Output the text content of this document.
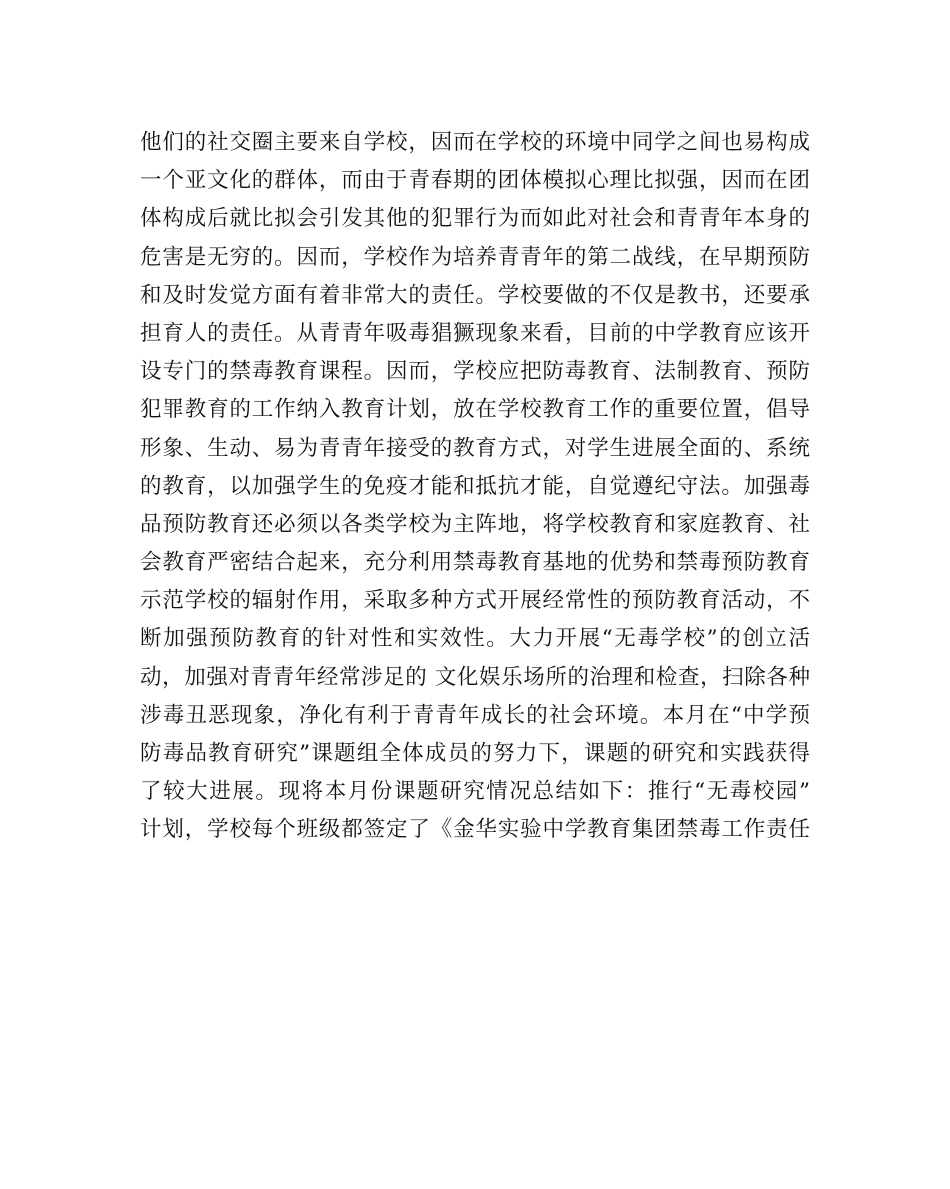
他们的社交圈主要来自学校，因而在学校的环境中同学之间也易构成
一个亚文化的群体，而由于青春期的团体模拟心理比拟强，因而在团
体构成后就比拟会引发其他的犯罪行为而如此对社会和青青年本身的
危害是无穷的。因而，学校作为培养青青年的第二战线，在早期预防
和及时发觉方面有着非常大的责任。学校要做的不仅是教书，还要承
担育人的责任。从青青年吸毒猖獗现象来看，目前的中学教育应该开
设专门的禁毒教育课程。因而，学校应把防毒教育、法制教育、预防
犯罪教育的工作纳入教育计划，放在学校教育工作的重要位置，倡导
形象、生动、易为青青年接受的教育方式，对学生进展全面的、系统
的教育，以加强学生的免疫才能和抵抗才能，自觉遵纪守法。加强毒
品预防教育还必须以各类学校为主阵地，将学校教育和家庭教育、社
会教育严密结合起来，充分利用禁毒教育基地的优势和禁毒预防教育
示范学校的辐射作用，采取多种方式开展经常性的预防教育活动，不
断加强预防教育的针对性和实效性。大力开展“无毒学校”的创立活
动，加强对青青年经常涉足的 文化娱乐场所的治理和检查，扫除各种
涉毒丑恶现象，净化有利于青青年成长的社会环境。本月在“中学预
防毒品教育研究”课题组全体成员的努力下，课题的研究和实践获得
了较大进展。现将本月份课题研究情况总结如下：推行“无毒校园”
计划，学校每个班级都签定了《金华实验中学教育集团禁毒工作责任
